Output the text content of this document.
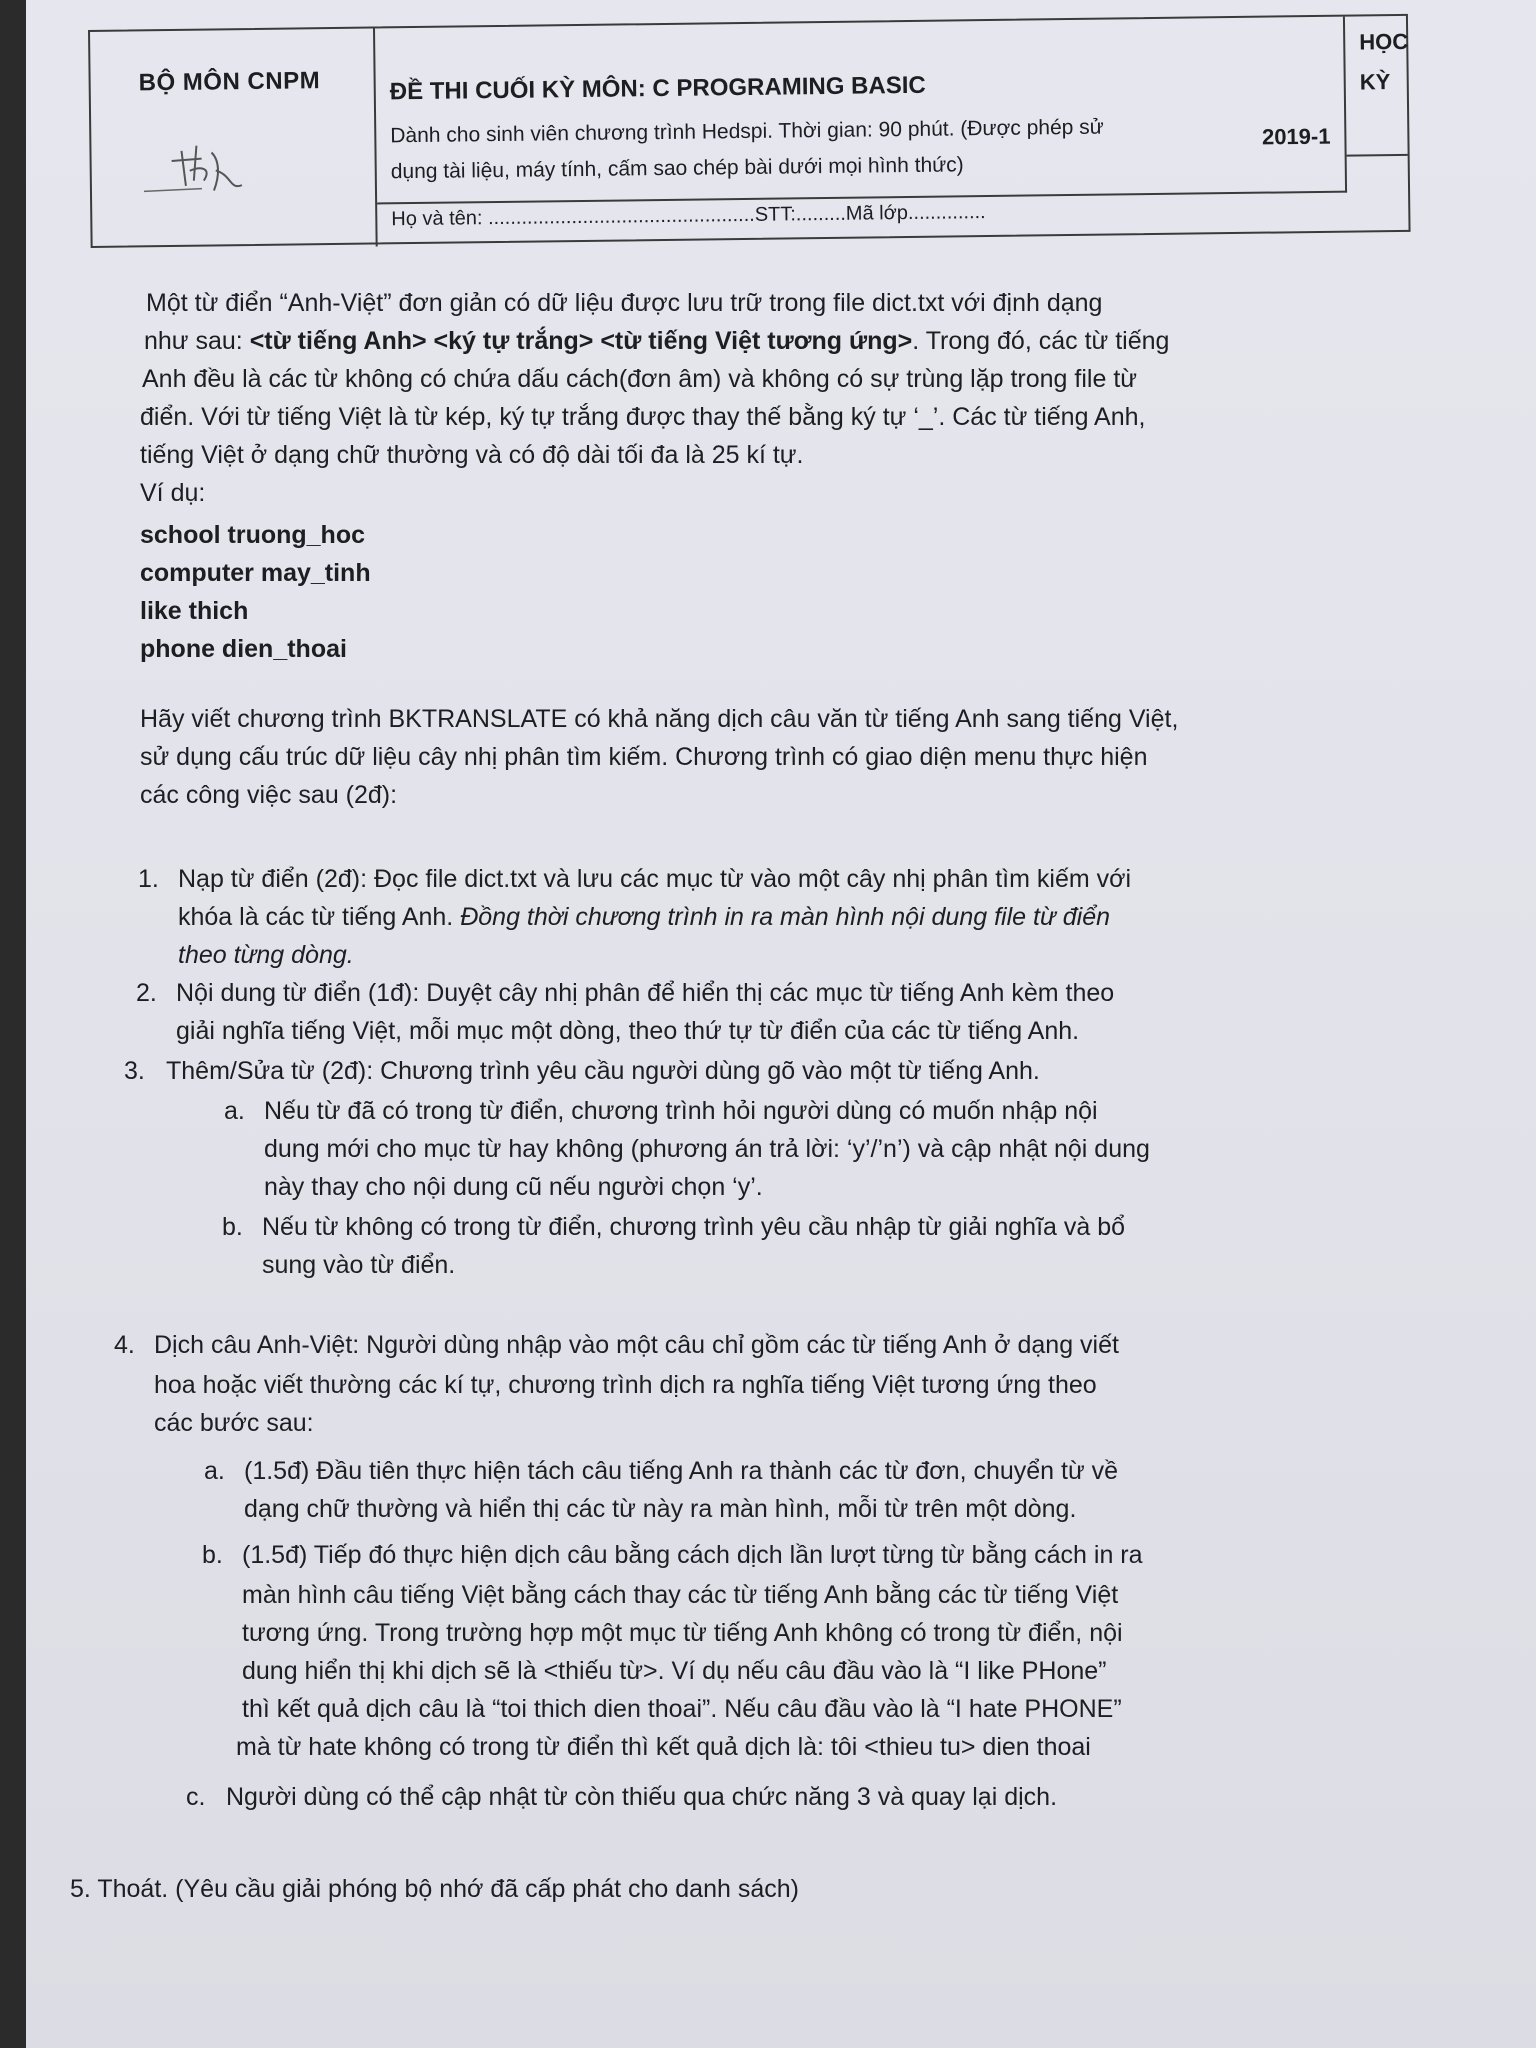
BỘ MÔN CNPM	ĐỀ THI CUỐI KỲ MÔN: C PROGRAMING BASIC
Dành cho sinh viên chương trình Hedspi. Thời gian: 90 phút. (Được phép sử
dụng tài liệu, máy tính, cấm sao chép bài dưới mọi hình thức)
HỌC
KỲ
Họ và tên: ................................................STT:.........Mã lớp..............
2019-1
Một từ điển “Anh-Việt” đơn giản có dữ liệu được lưu trữ trong file dict.txt với định dạng
như sau: <từ tiếng Anh> <ký tự trắng> <từ tiếng Việt tương ứng>. Trong đó, các từ tiếng
Anh đều là các từ không có chứa dấu cách(đơn âm) và không có sự trùng lặp trong file từ
điển. Với từ tiếng Việt là từ kép, ký tự trắng được thay thế bằng ký tự ‘_’. Các từ tiếng Anh,
tiếng Việt ở dạng chữ thường và có độ dài tối đa là 25 kí tự.
Ví dụ:
school truong_hoc
computer may_tinh
like thich
phone dien_thoai
Hãy viết chương trình BKTRANSLATE có khả năng dịch câu văn từ tiếng Anh sang tiếng Việt,
sử dụng cấu trúc dữ liệu cây nhị phân tìm kiếm. Chương trình có giao diện menu thực hiện
các công việc sau (2đ):
1. Nạp từ điển (2đ): Đọc file dict.txt và lưu các mục từ vào một cây nhị phân tìm kiếm với
khóa là các từ tiếng Anh. Đồng thời chương trình in ra màn hình nội dung file từ điển
theo từng dòng.
2. Nội dung từ điển (1đ): Duyệt cây nhị phân để hiển thị các mục từ tiếng Anh kèm theo
giải nghĩa tiếng Việt, mỗi mục một dòng, theo thứ tự từ điển của các từ tiếng Anh.
3. Thêm/Sửa từ (2đ): Chương trình yêu cầu người dùng gõ vào một từ tiếng Anh.
a. Nếu từ đã có trong từ điển, chương trình hỏi người dùng có muốn nhập nội
dung mới cho mục từ hay không (phương án trả lời: ‘y’/’n’) và cập nhật nội dung
này thay cho nội dung cũ nếu người chọn ‘y’.
b. Nếu từ không có trong từ điển, chương trình yêu cầu nhập từ giải nghĩa và bổ
sung vào từ điển.
4. Dịch câu Anh-Việt: Người dùng nhập vào một câu chỉ gồm các từ tiếng Anh ở dạng viết
hoa hoặc viết thường các kí tự, chương trình dịch ra nghĩa tiếng Việt tương ứng theo
các bước sau:
a. (1.5đ) Đầu tiên thực hiện tách câu tiếng Anh ra thành các từ đơn, chuyển từ về
dạng chữ thường và hiển thị các từ này ra màn hình, mỗi từ trên một dòng.
b. (1.5đ) Tiếp đó thực hiện dịch câu bằng cách dịch lần lượt từng từ bằng cách in ra
màn hình câu tiếng Việt bằng cách thay các từ tiếng Anh bằng các từ tiếng Việt
tương ứng. Trong trường hợp một mục từ tiếng Anh không có trong từ điển, nội
dung hiển thị khi dịch sẽ là <thiếu từ>. Ví dụ nếu câu đầu vào là “I like PHone”
thì kết quả dịch câu là “toi thich dien thoai”. Nếu câu đầu vào là “I hate PHONE”
mà từ hate không có trong từ điển thì kết quả dịch là: tôi <thieu tu> dien thoai
c. Người dùng có thể cập nhật từ còn thiếu qua chức năng 3 và quay lại dịch.
5. Thoát. (Yêu cầu giải phóng bộ nhớ đã cấp phát cho danh sách)
